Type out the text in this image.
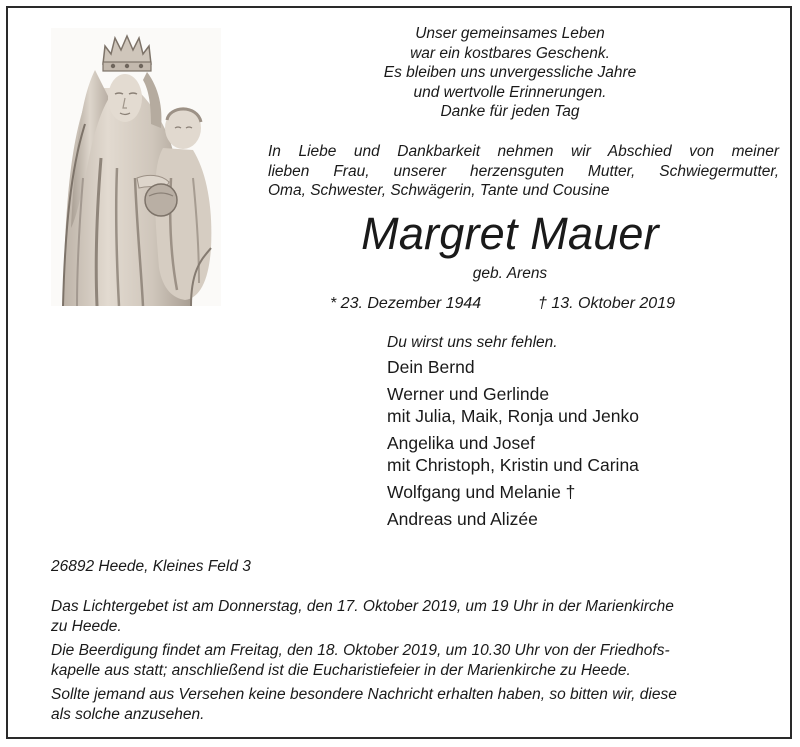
Unser gemeinsames Leben
war ein kostbares Geschenk.
Es bleiben uns unvergessliche Jahre
und wertvolle Erinnerungen.
Danke für jeden Tag
In Liebe und Dankbarkeit nehmen wir Abschied von meiner
lieben Frau, unserer herzensguten Mutter, Schwiegermutter,
Oma, Schwester, Schwägerin, Tante und Cousine
Margret Mauer
geb. Arens
* 23. Dezember 1944	† 13. Oktober 2019
Du wirst uns sehr fehlen.
Dein Bernd
Werner und Gerlinde
mit Julia, Maik, Ronja und Jenko
Angelika und Josef
mit Christoph, Kristin und Carina
Wolfgang und Melanie †
Andreas und Alizée
26892 Heede, Kleines Feld 3

Das Lichtergebet ist am Donnerstag, den 17. Oktober 2019, um 19 Uhr in der Marienkirche
zu Heede.

Die Beerdigung findet am Freitag, den 18. Oktober 2019, um 10.30 Uhr von der Friedhofs-
kapelle aus statt; anschließend ist die Eucharistiefeier in der Marienkirche zu Heede.

Sollte jemand aus Versehen keine besondere Nachricht erhalten haben, so bitten wir, diese
als solche anzusehen.
